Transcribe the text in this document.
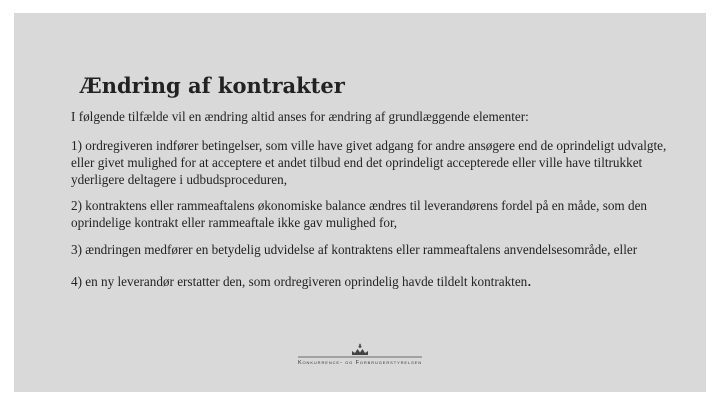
Ændring af kontrakter

I følgende tilfælde vil en ændring altid anses for ændring af grundlæggende elementer:

1) ordregiveren indfører betingelser, som ville have givet adgang for andre ansøgere end de oprindeligt udvalgte, eller givet mulighed for at acceptere et andet tilbud end det oprindeligt accepterede eller ville have tiltrukket yderligere deltagere i udbudsproceduren,

2) kontraktens eller rammeaftalens økonomiske balance ændres til leverandørens fordel på en måde, som den oprindelige kontrakt eller rammeaftale ikke gav mulighed for,

3) ændringen medfører en betydelig udvidelse af kontraktens eller rammeaftalens anvendelsesområde, eller

4) en ny leverandør erstatter den, som ordregiveren oprindelig havde tildelt kontrakten.

Konkurrence- og Forbrugerstyrelsen
